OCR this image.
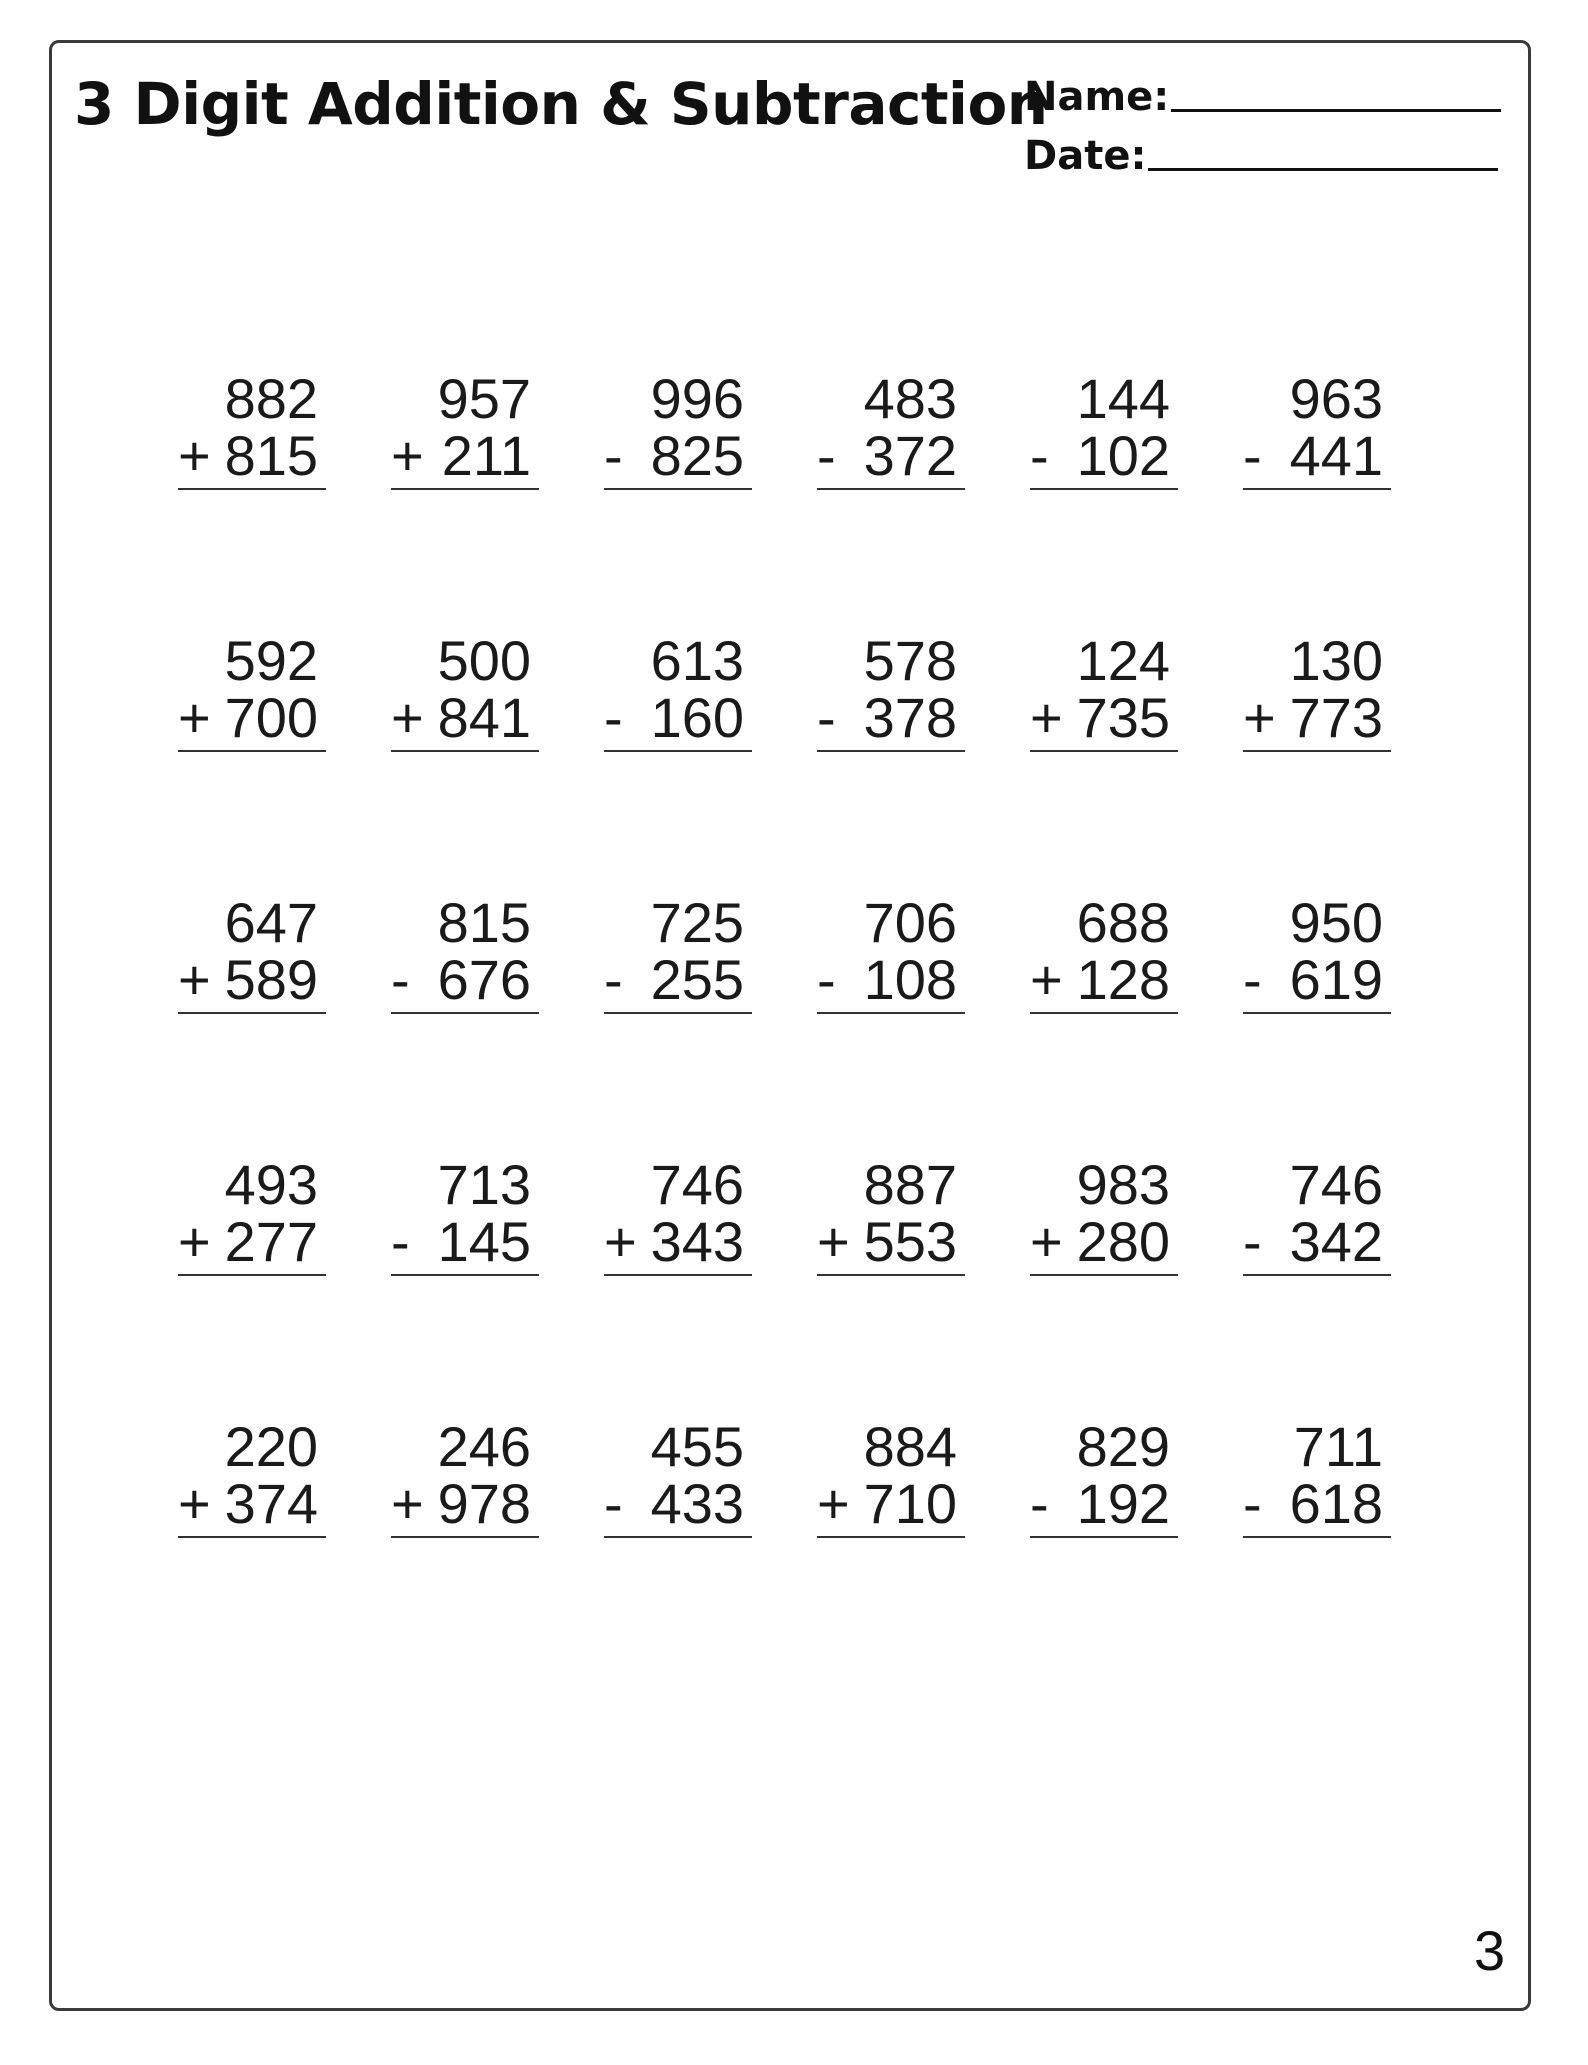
3 Digit Addition & Subtraction
Name:
Date:
882
+ 815
957
+ 211
996
- 825
483
- 372
144
- 102
963
- 441
592
+ 700
500
+ 841
613
- 160
578
- 378
124
+ 735
130
+ 773
647
+ 589
815
- 676
725
- 255
706
- 108
688
+ 128
950
- 619
493
+ 277
713
- 145
746
+ 343
887
+ 553
983
+ 280
746
- 342
220
+ 374
246
+ 978
455
- 433
884
+ 710
829
- 192
711
- 618
3
